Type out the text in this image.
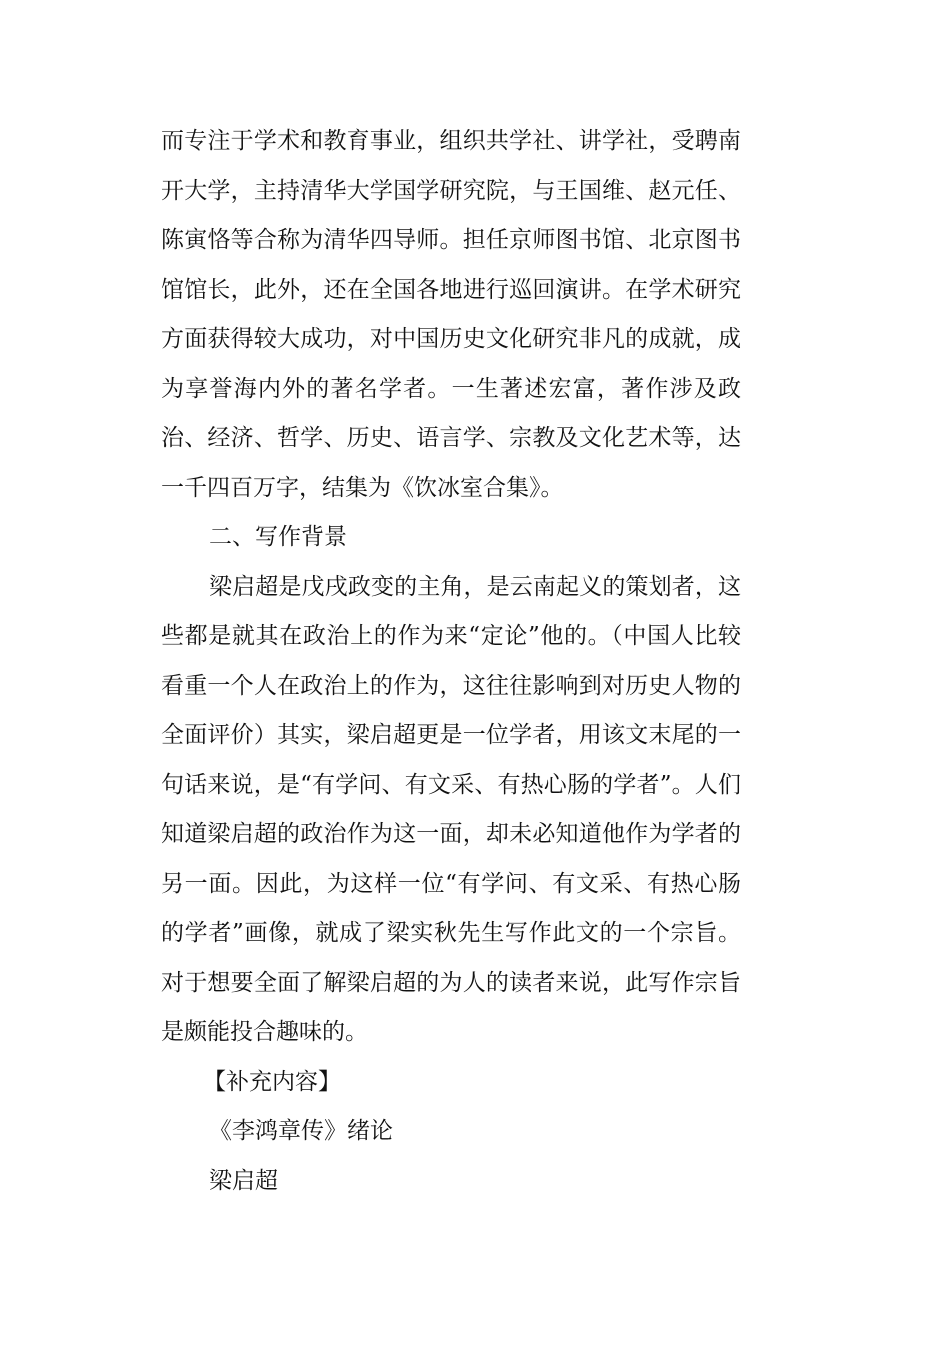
而专注于学术和教育事业，组织共学社、讲学社，受聘南开大学，主持清华大学国学研究院，与王国维、赵元任、陈寅恪等合称为清华四导师。担任京师图书馆、北京图书馆馆长，此外，还在全国各地进行巡回演讲。在学术研究方面获得较大成功，对中国历史文化研究非凡的成就，成为享誉海内外的著名学者。一生著述宏富，著作涉及政治、经济、哲学、历史、语言学、宗教及文化艺术等，达一千四百万字，结集为《饮冰室合集》。

二、写作背景

梁启超是戊戌政变的主角，是云南起义的策划者，这些都是就其在政治上的作为来“定论”他的。（中国人比较看重一个人在政治上的作为，这往往影响到对历史人物的全面评价）其实，梁启超更是一位学者，用该文末尾的一句话来说，是“有学问、有文采、有热心肠的学者”。人们知道梁启超的政治作为这一面，却未必知道他作为学者的另一面。因此，为这样一位“有学问、有文采、有热心肠的学者”画像，就成了梁实秋先生写作此文的一个宗旨。对于想要全面了解梁启超的为人的读者来说，此写作宗旨是颇能投合趣味的。

【补充内容】

《李鸿章传》绪论

梁启超
